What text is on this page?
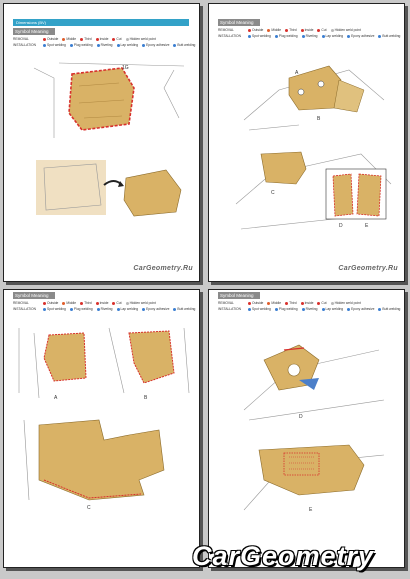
Dimensions (BV)
Symbol Meaning
REMOVAL	Outside Middle Third Inside Cut Hidden weld point
INSTALLATION	Spot welding Plug welding Riveting Lap welding Epoxy adhesive Butt welding
1G
CarGeometry.Ru
Symbol Meaning
REMOVAL	Outside Middle Third Inside Cut Hidden weld point
INSTALLATION	Spot welding Plug welding Riveting Lap welding Epoxy adhesive Butt welding
A
B
C
D	E
CarGeometry.Ru
Symbol Meaning
REMOVAL	Outside Middle Third Inside Cut Hidden weld point
INSTALLATION	Spot welding Plug welding Riveting Lap welding Epoxy adhesive Butt welding
A	B
C
Symbol Meaning
REMOVAL	Outside Middle Third Inside Cut Hidden weld point
INSTALLATION	Spot welding Plug welding Riveting Lap welding Epoxy adhesive Butt welding
D
E
CarGeometry
